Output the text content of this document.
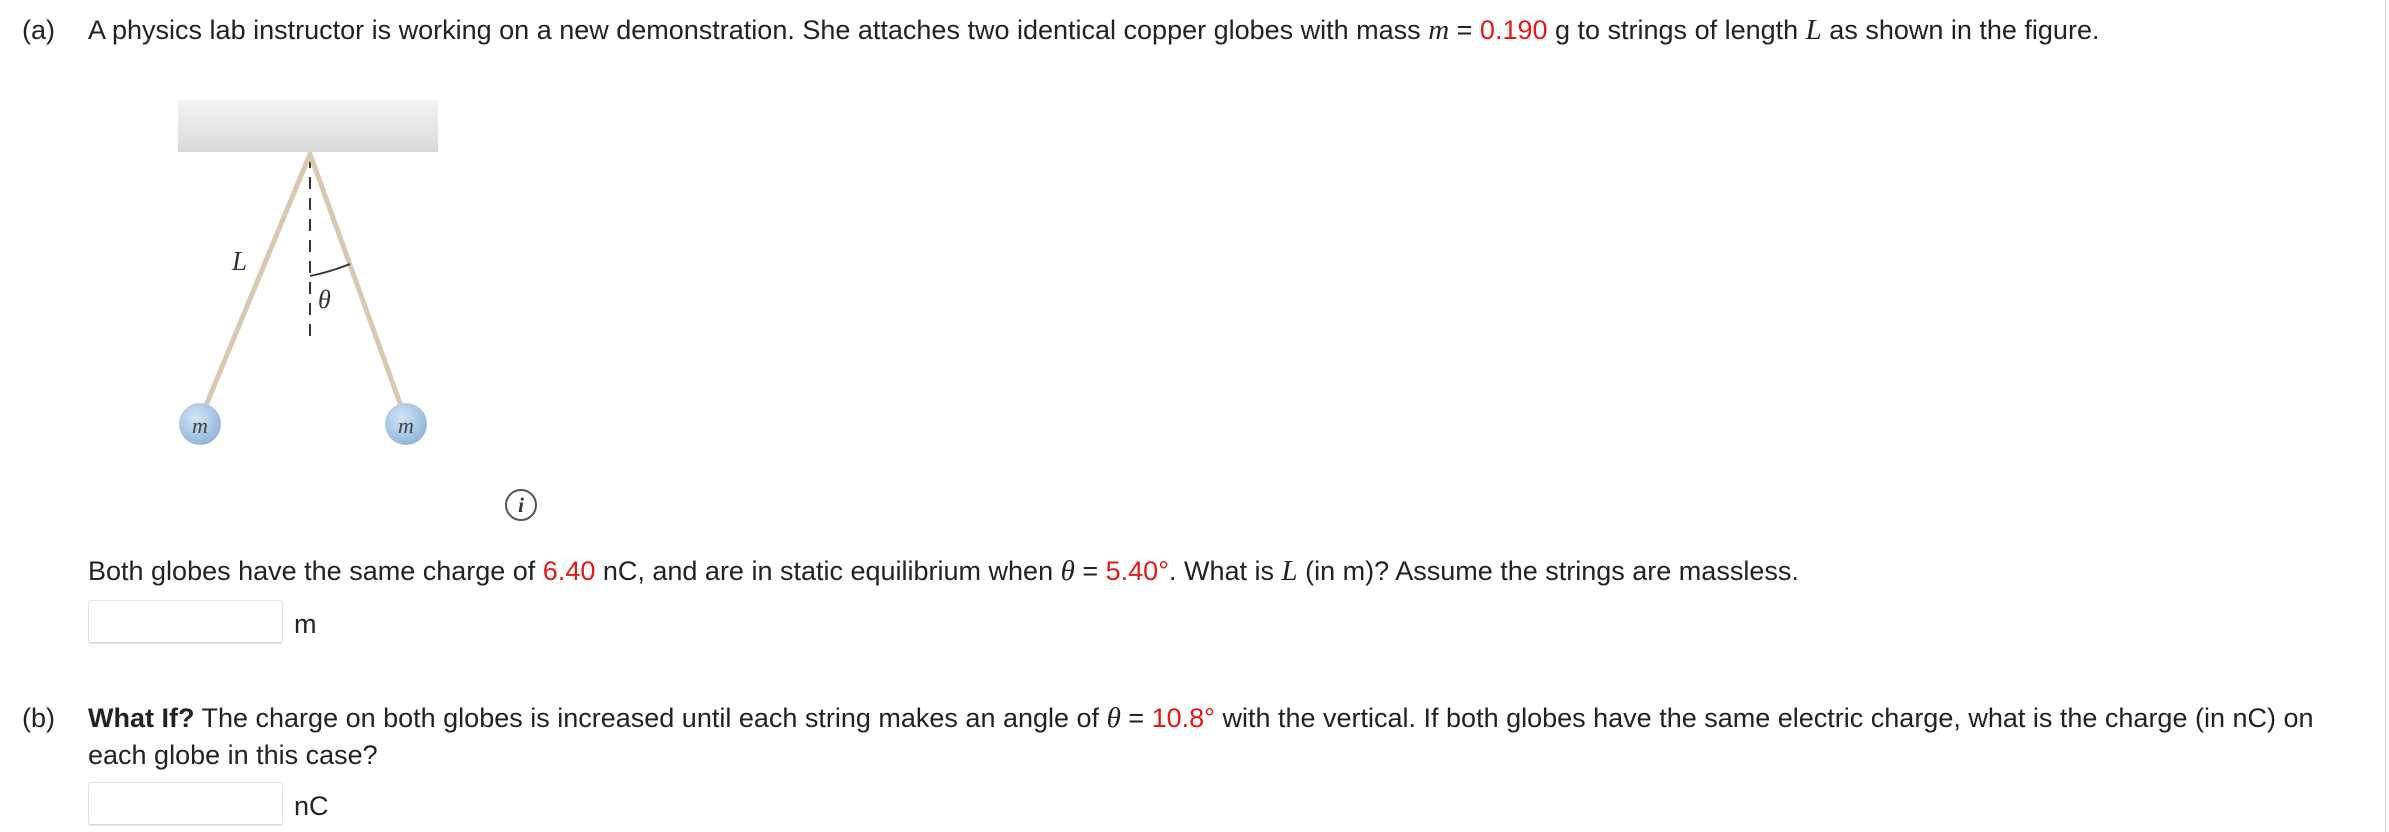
(a) A physics lab instructor is working on a new demonstration. She attaches two identical copper globes with mass m = 0.190 g to strings of length L as shown in the figure.
L
θ
m	m
i
Both globes have the same charge of 6.40 nC, and are in static equilibrium when θ = 5.40°. What is L (in m)? Assume the strings are massless.
m
(b) What If? The charge on both globes is increased until each string makes an angle of θ = 10.8° with the vertical. If both globes have the same electric charge, what is the charge (in nC) on each globe in this case?
nC
